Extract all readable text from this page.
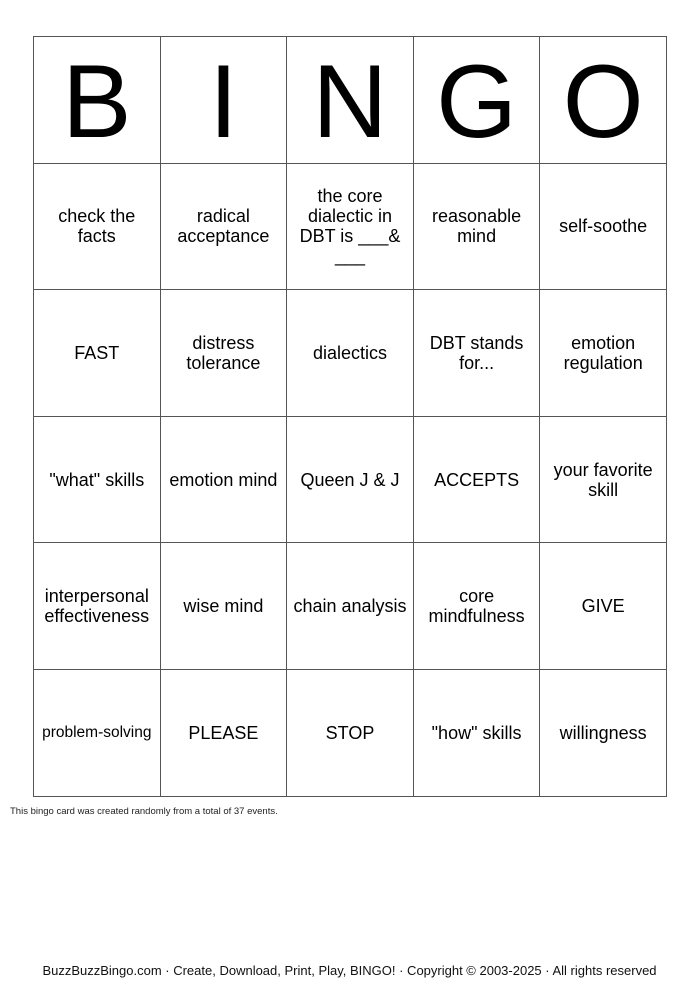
B	I	N	G	O
check the facts	radical acceptance	the core dialectic in DBT is ___& ___	reasonable mind	self-soothe
FAST	distress tolerance	dialectics	DBT stands for...	emotion regulation
"what" skills	emotion mind	Queen J & J	ACCEPTS	your favorite skill
interpersonal effectiveness	wise mind	chain analysis	core mindfulness	GIVE
problem-solving	PLEASE	STOP	"how" skills	willingness
This bingo card was created randomly from a total of 37 events.
BuzzBuzzBingo.com · Create, Download, Print, Play, BINGO! · Copyright © 2003-2025 · All rights reserved
